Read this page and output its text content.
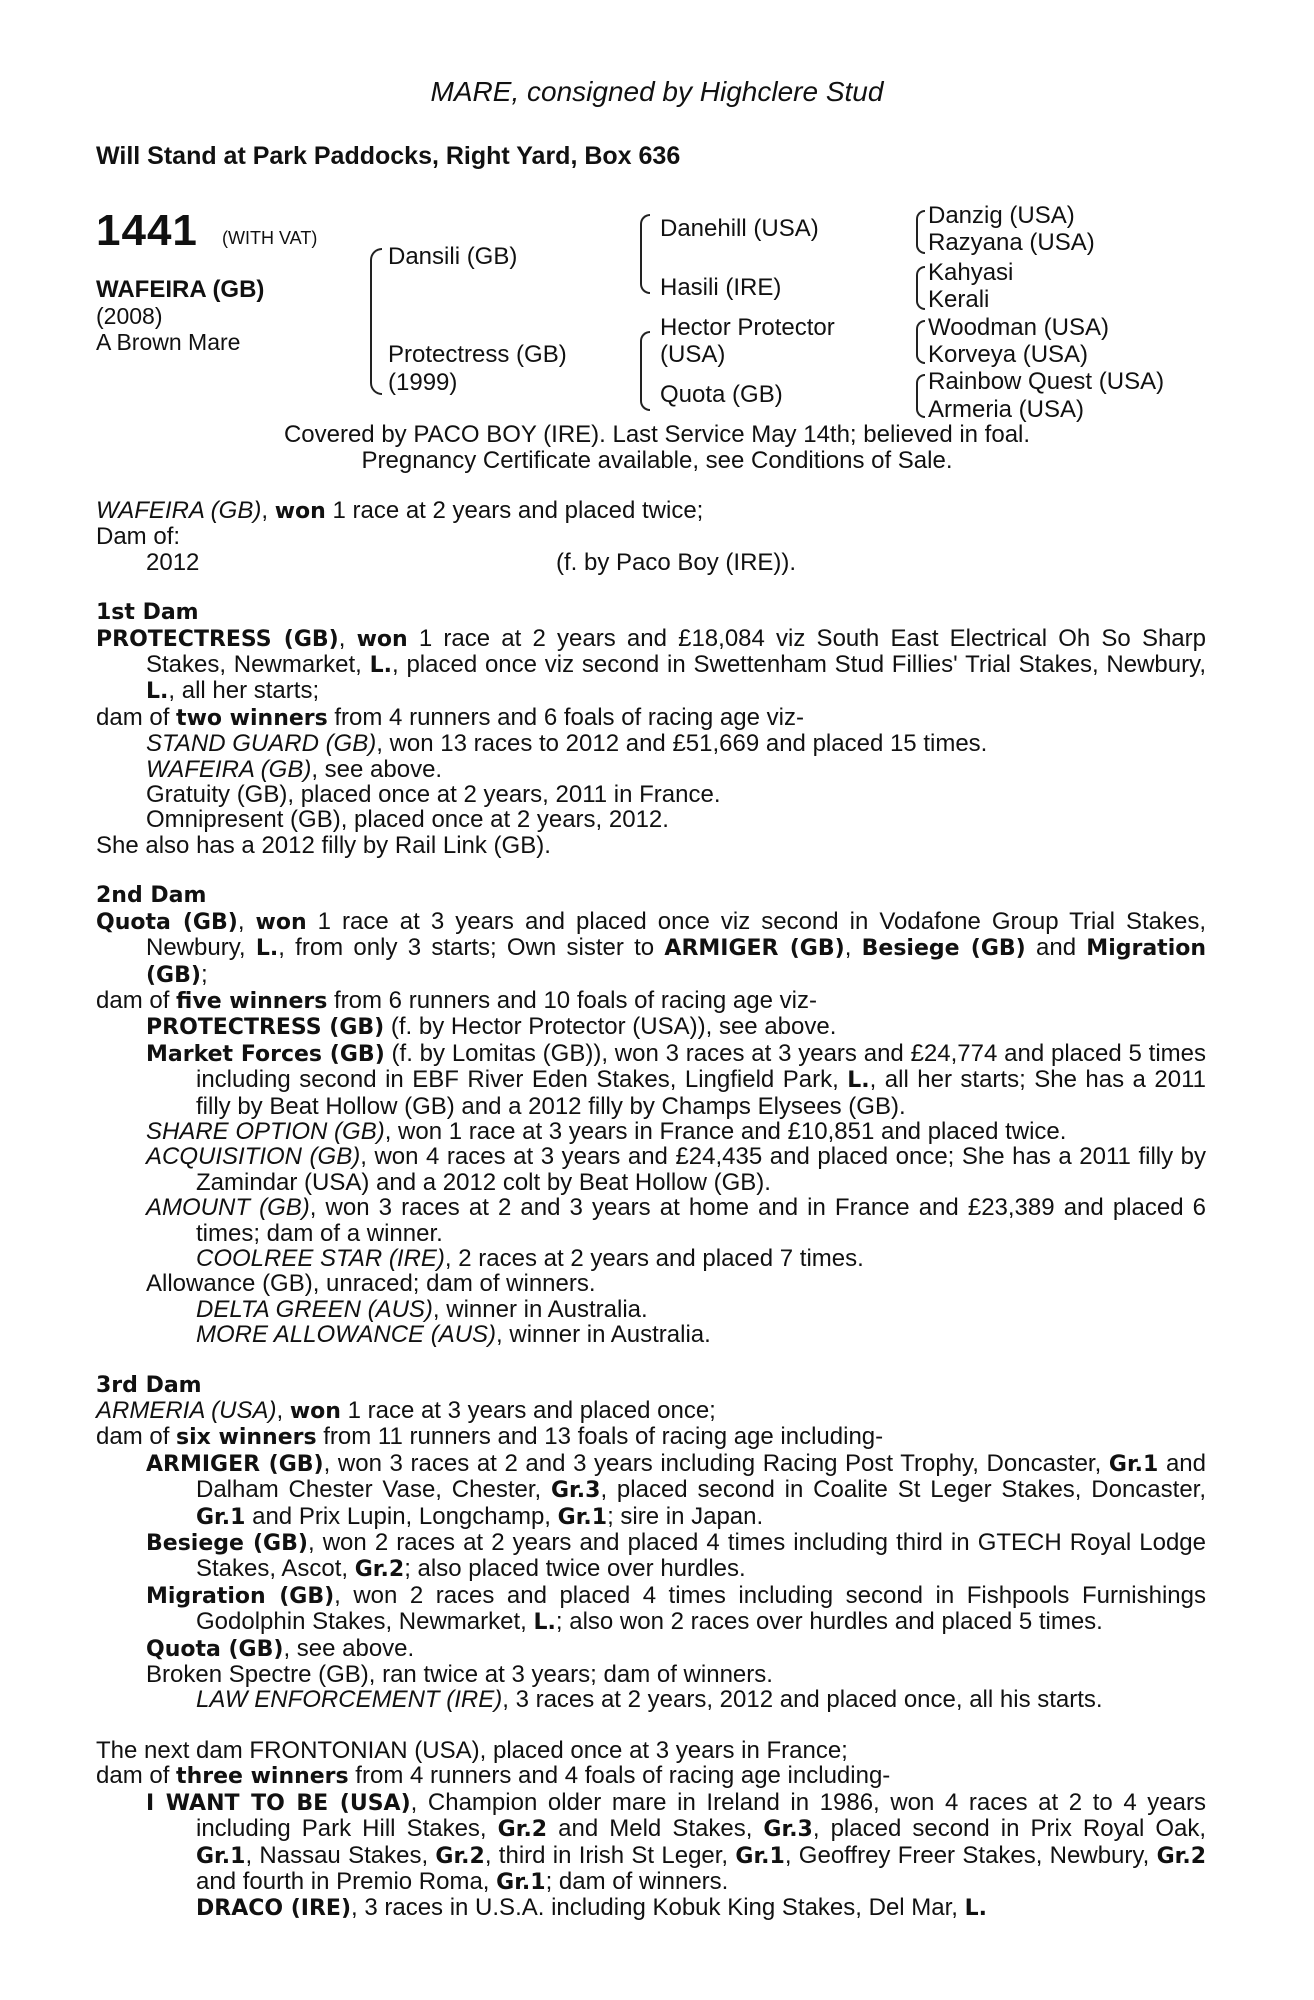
MARE, consigned by Highclere Stud
Will Stand at Park Paddocks, Right Yard, Box 636
1441 (WITH VAT)
WAFEIRA (GB)
(2008)
A Brown Mare
Dansili (GB)
Protectress (GB)
(1999)
Danehill (USA)
Hasili (IRE)
Hector Protector
(USA)
Quota (GB)
Danzig (USA)
Razyana (USA)
Kahyasi
Kerali
Woodman (USA)
Korveya (USA)
Rainbow Quest (USA)
Armeria (USA)
Covered by PACO BOY (IRE). Last Service May 14th; believed in foal.
Pregnancy Certificate available, see Conditions of Sale.

WAFEIRA (GB), won 1 race at 2 years and placed twice;

Dam of:

2012	(f. by Paco Boy (IRE)).

1st Dam

PROTECTRESS (GB), won 1 race at 2 years and £18,084 viz South East Electrical Oh So Sharp Stakes, Newmarket, L., placed once viz second in Swettenham Stud Fillies' Trial Stakes, Newbury, L., all her starts;

dam of two winners from 4 runners and 6 foals of racing age viz-

STAND GUARD (GB), won 13 races to 2012 and £51,669 and placed 15 times.

WAFEIRA (GB), see above.

Gratuity (GB), placed once at 2 years, 2011 in France.

Omnipresent (GB), placed once at 2 years, 2012.

She also has a 2012 filly by Rail Link (GB).

2nd Dam

Quota (GB), won 1 race at 3 years and placed once viz second in Vodafone Group Trial Stakes, Newbury, L., from only 3 starts; Own sister to ARMIGER (GB), Besiege (GB) and Migration (GB);

dam of five winners from 6 runners and 10 foals of racing age viz-

PROTECTRESS (GB) (f. by Hector Protector (USA)), see above.

Market Forces (GB) (f. by Lomitas (GB)), won 3 races at 3 years and £24,774 and placed 5 times including second in EBF River Eden Stakes, Lingfield Park, L., all her starts; She has a 2011 filly by Beat Hollow (GB) and a 2012 filly by Champs Elysees (GB).

SHARE OPTION (GB), won 1 race at 3 years in France and £10,851 and placed twice.

ACQUISITION (GB), won 4 races at 3 years and £24,435 and placed once; She has a 2011 filly by Zamindar (USA) and a 2012 colt by Beat Hollow (GB).

AMOUNT (GB), won 3 races at 2 and 3 years at home and in France and £23,389 and placed 6 times; dam of a winner.

COOLREE STAR (IRE), 2 races at 2 years and placed 7 times.

Allowance (GB), unraced; dam of winners.

DELTA GREEN (AUS), winner in Australia.

MORE ALLOWANCE (AUS), winner in Australia.

3rd Dam

ARMERIA (USA), won 1 race at 3 years and placed once;

dam of six winners from 11 runners and 13 foals of racing age including-

ARMIGER (GB), won 3 races at 2 and 3 years including Racing Post Trophy, Doncaster, Gr.1 and Dalham Chester Vase, Chester, Gr.3, placed second in Coalite St Leger Stakes, Doncaster, Gr.1 and Prix Lupin, Longchamp, Gr.1; sire in Japan.

Besiege (GB), won 2 races at 2 years and placed 4 times including third in GTECH Royal Lodge Stakes, Ascot, Gr.2; also placed twice over hurdles.

Migration (GB), won 2 races and placed 4 times including second in Fishpools Furnishings Godolphin Stakes, Newmarket, L.; also won 2 races over hurdles and placed 5 times.

Quota (GB), see above.

Broken Spectre (GB), ran twice at 3 years; dam of winners.

LAW ENFORCEMENT (IRE), 3 races at 2 years, 2012 and placed once, all his starts.

The next dam FRONTONIAN (USA), placed once at 3 years in France;

dam of three winners from 4 runners and 4 foals of racing age including-

I WANT TO BE (USA), Champion older mare in Ireland in 1986, won 4 races at 2 to 4 years including Park Hill Stakes, Gr.2 and Meld Stakes, Gr.3, placed second in Prix Royal Oak, Gr.1, Nassau Stakes, Gr.2, third in Irish St Leger, Gr.1, Geoffrey Freer Stakes, Newbury, Gr.2 and fourth in Premio Roma, Gr.1; dam of winners.

DRACO (IRE), 3 races in U.S.A. including Kobuk King Stakes, Del Mar, L.
